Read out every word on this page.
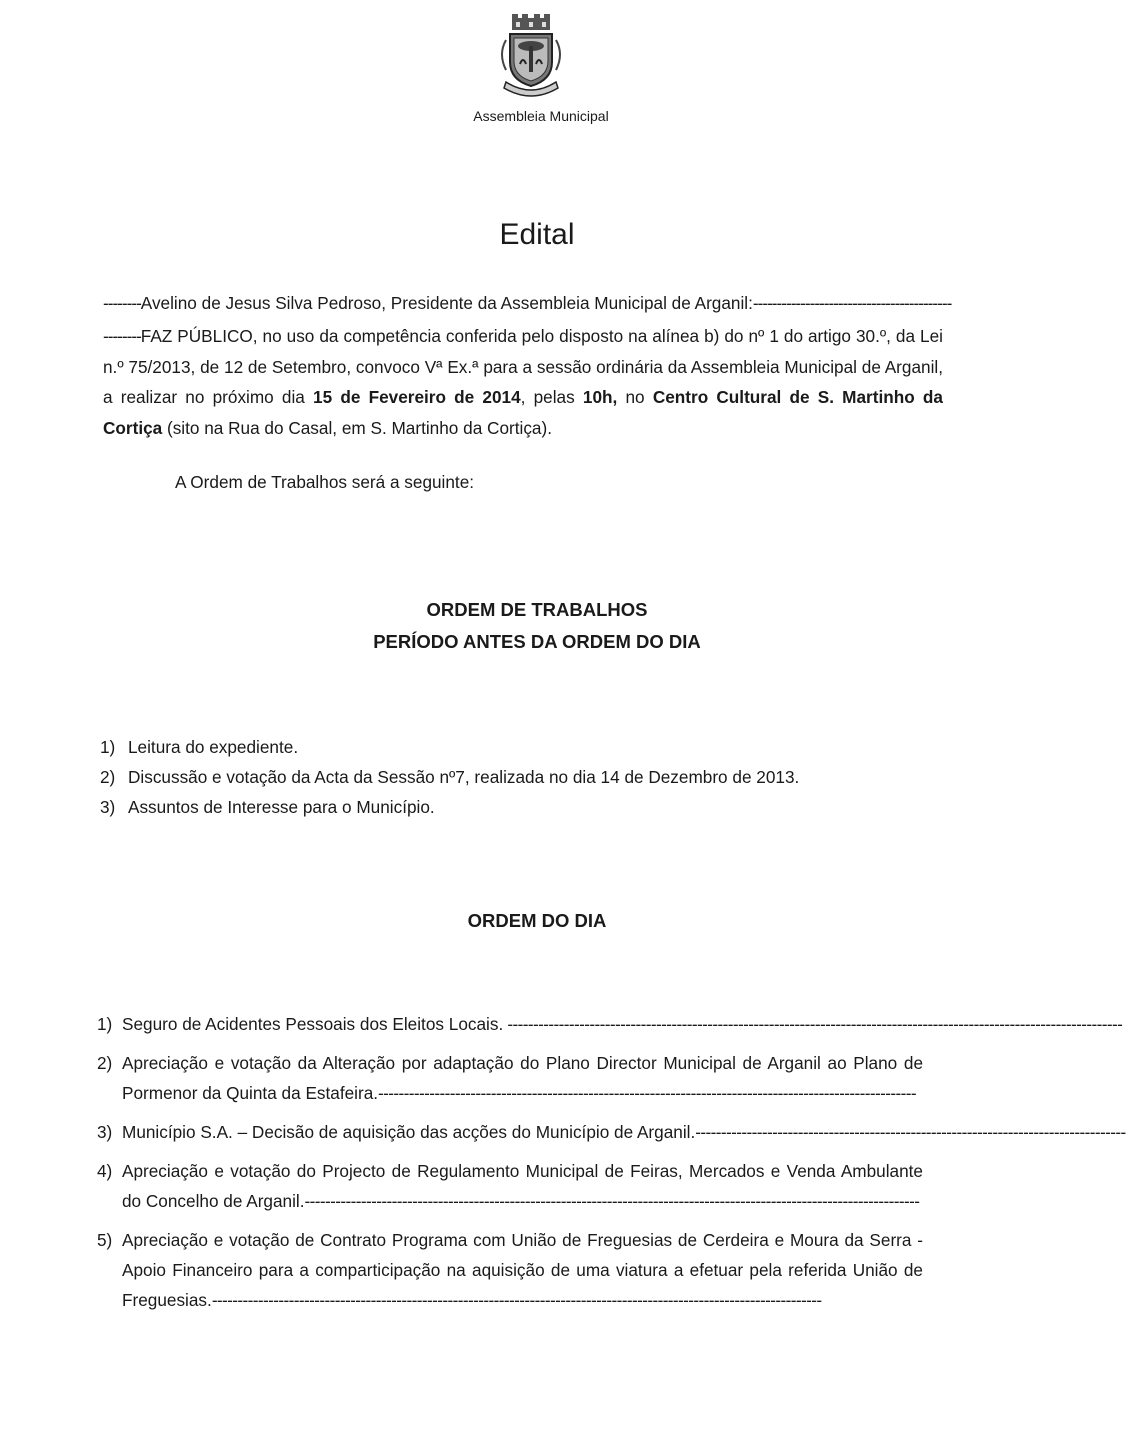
Assembleia Municipal
Edital
--------Avelino de Jesus Silva Pedroso, Presidente da Assembleia Municipal de Arganil:------------------------------------------
--------FAZ PÚBLICO, no uso da competência conferida pelo disposto na alínea b) do nº 1 do artigo 30.º, da Lei n.º 75/2013, de 12 de Setembro, convoco Vª Ex.ª para a sessão ordinária da Assembleia Municipal de Arganil, a realizar no próximo dia 15 de Fevereiro de 2014, pelas 10h, no Centro Cultural de S. Martinho da Cortiça (sito na Rua do Casal, em S. Martinho da Cortiça).
A Ordem de Trabalhos será a seguinte:
ORDEM DE TRABALHOS
PERÍODO ANTES DA ORDEM DO DIA
1) Leitura do expediente.
2) Discussão e votação da Acta da Sessão nº7, realizada no dia 14 de Dezembro de 2013.
3) Assuntos de Interesse para o Município.
ORDEM DO DIA
1) Seguro de Acidentes Pessoais dos Eleitos Locais. ------------------------------------------------------------------------------------------------------------------------
2) Apreciação e votação da Alteração por adaptação do Plano Director Municipal de Arganil ao Plano de Pormenor da Quinta da Estafeira.---------------------------------------------------------------------------------------------------------
3) Município S.A. – Decisão de aquisição das acções do Município de Arganil. ------------------------------------------------------------------------------------
4) Apreciação e votação do Projecto de Regulamento Municipal de Feiras, Mercados e Venda Ambulante do Concelho de Arganil.------------------------------------------------------------------------------------------------------------------------
5) Apreciação e votação de Contrato Programa com União de Freguesias de Cerdeira e Moura da Serra - Apoio Financeiro para a comparticipação na aquisição de uma viatura a efetuar pela referida União de Freguesias.-----------------------------------------------------------------------------------------------------------------------
